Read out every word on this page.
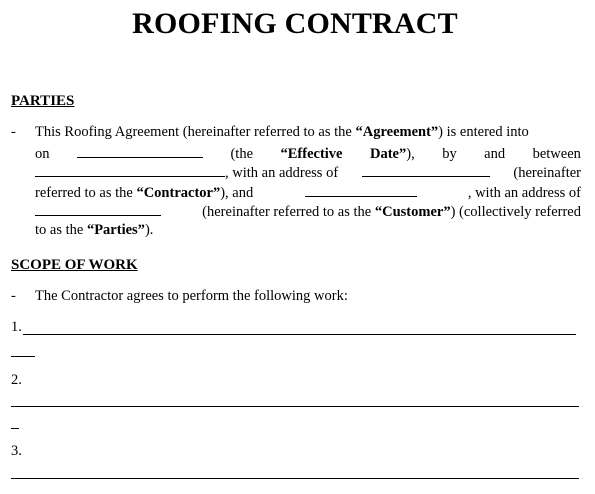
ROOFING CONTRACT
PARTIES
- This Roofing Agreement (hereinafter referred to as the “Agreement”) is entered into
on	(the “Effective Date”), by and between
, with an address of	(hereinafter
referred to as the “Contractor”), and	, with an address of
(hereinafter referred to as the “Customer”) (collectively referred
to as the “Parties”).
SCOPE OF WORK
- The Contractor agrees to perform the following work:
1.
2.
3.
